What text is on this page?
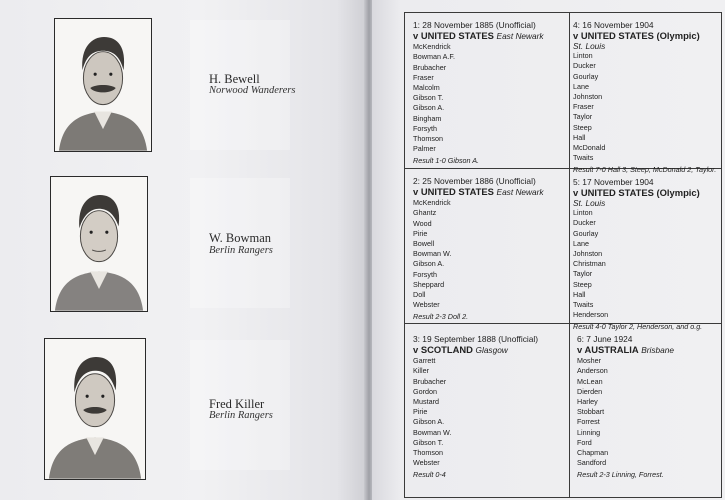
H. Bewell
Norwood Wanderers
W. Bowman
Berlin Rangers
Fred Killer
Berlin Rangers
1: 28 November 1885 (Unofficial)
v UNITED STATES East Newark
McKendrick
Bowman A.F.
Brubacher
Fraser
Malcolm
Gibson T.
Gibson A.
Bingham
Forsyth
Thomson
Palmer
Result 1-0 Gibson A.
2: 25 November 1886 (Unofficial)
v UNITED STATES East Newark
McKendrick
Ghantz
Wood
Pirie
Bowell
Bowman W.
Gibson A.
Forsyth
Sheppard
Doll
Webster
Result 2-3 Doll 2.
3: 19 September 1888 (Unofficial)
v SCOTLAND Glasgow
Garrett
Killer
Brubacher
Gordon
Mustard
Pirie
Gibson A.
Bowman W.
Gibson T.
Thomson
Webster
Result 0-4
4: 16 November 1904
v UNITED STATES (Olympic)
St. Louis
Linton
Ducker
Gourlay
Lane
Johnston
Fraser
Taylor
Steep
Hall
McDonald
Twaits
Result 7-0 Hall 3, Steep, McDonald 2, Taylor.
5: 17 November 1904
v UNITED STATES (Olympic)
St. Louis
Linton
Ducker
Gourlay
Lane
Johnston
Christman
Taylor
Steep
Hall
Twaits
Henderson
Result 4-0 Taylor 2, Henderson, and o.g.
6: 7 June 1924
v AUSTRALIA Brisbane
Mosher
Anderson
McLean
Dierden
Harley
Stobbart
Forrest
Linning
Ford
Chapman
Sandford
Result 2-3 Linning, Forrest.
